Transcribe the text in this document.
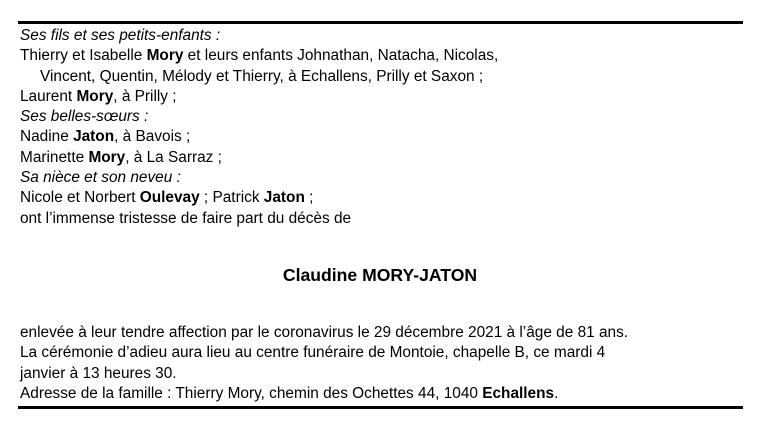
Ses fils et ses petits-enfants :
Thierry et Isabelle Mory et leurs enfants Johnathan, Natacha, Nicolas,
Vincent, Quentin, Mélody et Thierry, à Echallens, Prilly et Saxon ;
Laurent Mory, à Prilly ;
Ses belles-sœurs :
Nadine Jaton, à Bavois ;
Marinette Mory, à La Sarraz ;
Sa nièce et son neveu :
Nicole et Norbert Oulevay ; Patrick Jaton ;
ont l’immense tristesse de faire part du décès de
Claudine MORY-JATON
enlevée à leur tendre affection par le coronavirus le 29 décembre 2021 à l’âge de 81 ans.
La cérémonie d’adieu aura lieu au centre funéraire de Montoie, chapelle B, ce mardi 4
janvier à 13 heures 30.
Adresse de la famille : Thierry Mory, chemin des Ochettes 44, 1040 Echallens.
